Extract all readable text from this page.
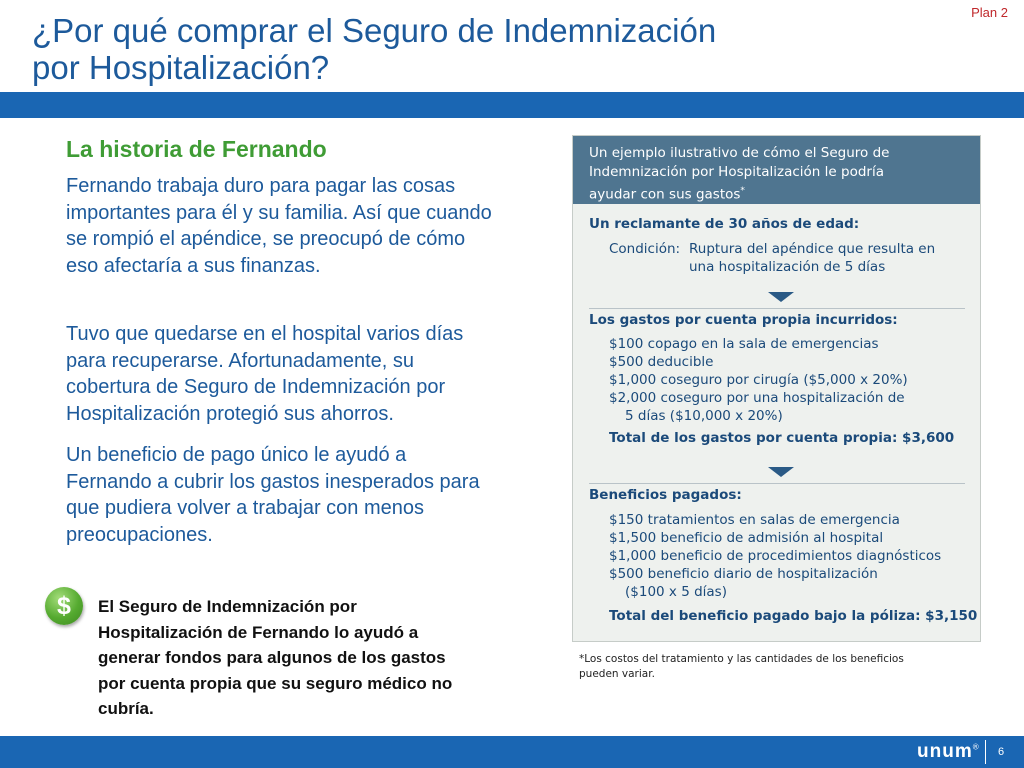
¿Por qué comprar el Seguro de Indemnización
por Hospitalización?
Plan 2
La historia de Fernando
Fernando trabaja duro para pagar las cosas importantes para él y su familia. Así que cuando se rompió el apéndice, se preocupó de cómo eso afectaría a sus finanzas.
Tuvo que quedarse en el hospital varios días para recuperarse. Afortunadamente, su cobertura de Seguro de Indemnización por Hospitalización protegió sus ahorros.
Un beneficio de pago único le ayudó a Fernando a cubrir los gastos inesperados para que pudiera volver a trabajar con menos preocupaciones.
$	El Seguro de Indemnización por Hospitalización de Fernando lo ayudó a generar fondos para algunos de los gastos por cuenta propia que su seguro médico no cubría.
Un ejemplo ilustrativo de cómo el Seguro de
Indemnización por Hospitalización le podría
ayudar con sus gastos*
Un reclamante de 30 años de edad:
Condición: Ruptura del apéndice que resulta en
una hospitalización de 5 días
Los gastos por cuenta propia incurridos:
$100 copago en la sala de emergencias
$500 deducible
$1,000 coseguro por cirugía ($5,000 x 20%)
$2,000 coseguro por una hospitalización de
5 días ($10,000 x 20%)
Total de los gastos por cuenta propia: $3,600
Beneficios pagados:
$150 tratamientos en salas de emergencia
$1,500 beneficio de admisión al hospital
$1,000 beneficio de procedimientos diagnósticos
$500 beneficio diario de hospitalización
($100 x 5 días)
Total del beneficio pagado bajo la póliza: $3,150
*Los costos del tratamiento y las cantidades de los beneficios
pueden variar.
unum® 6
